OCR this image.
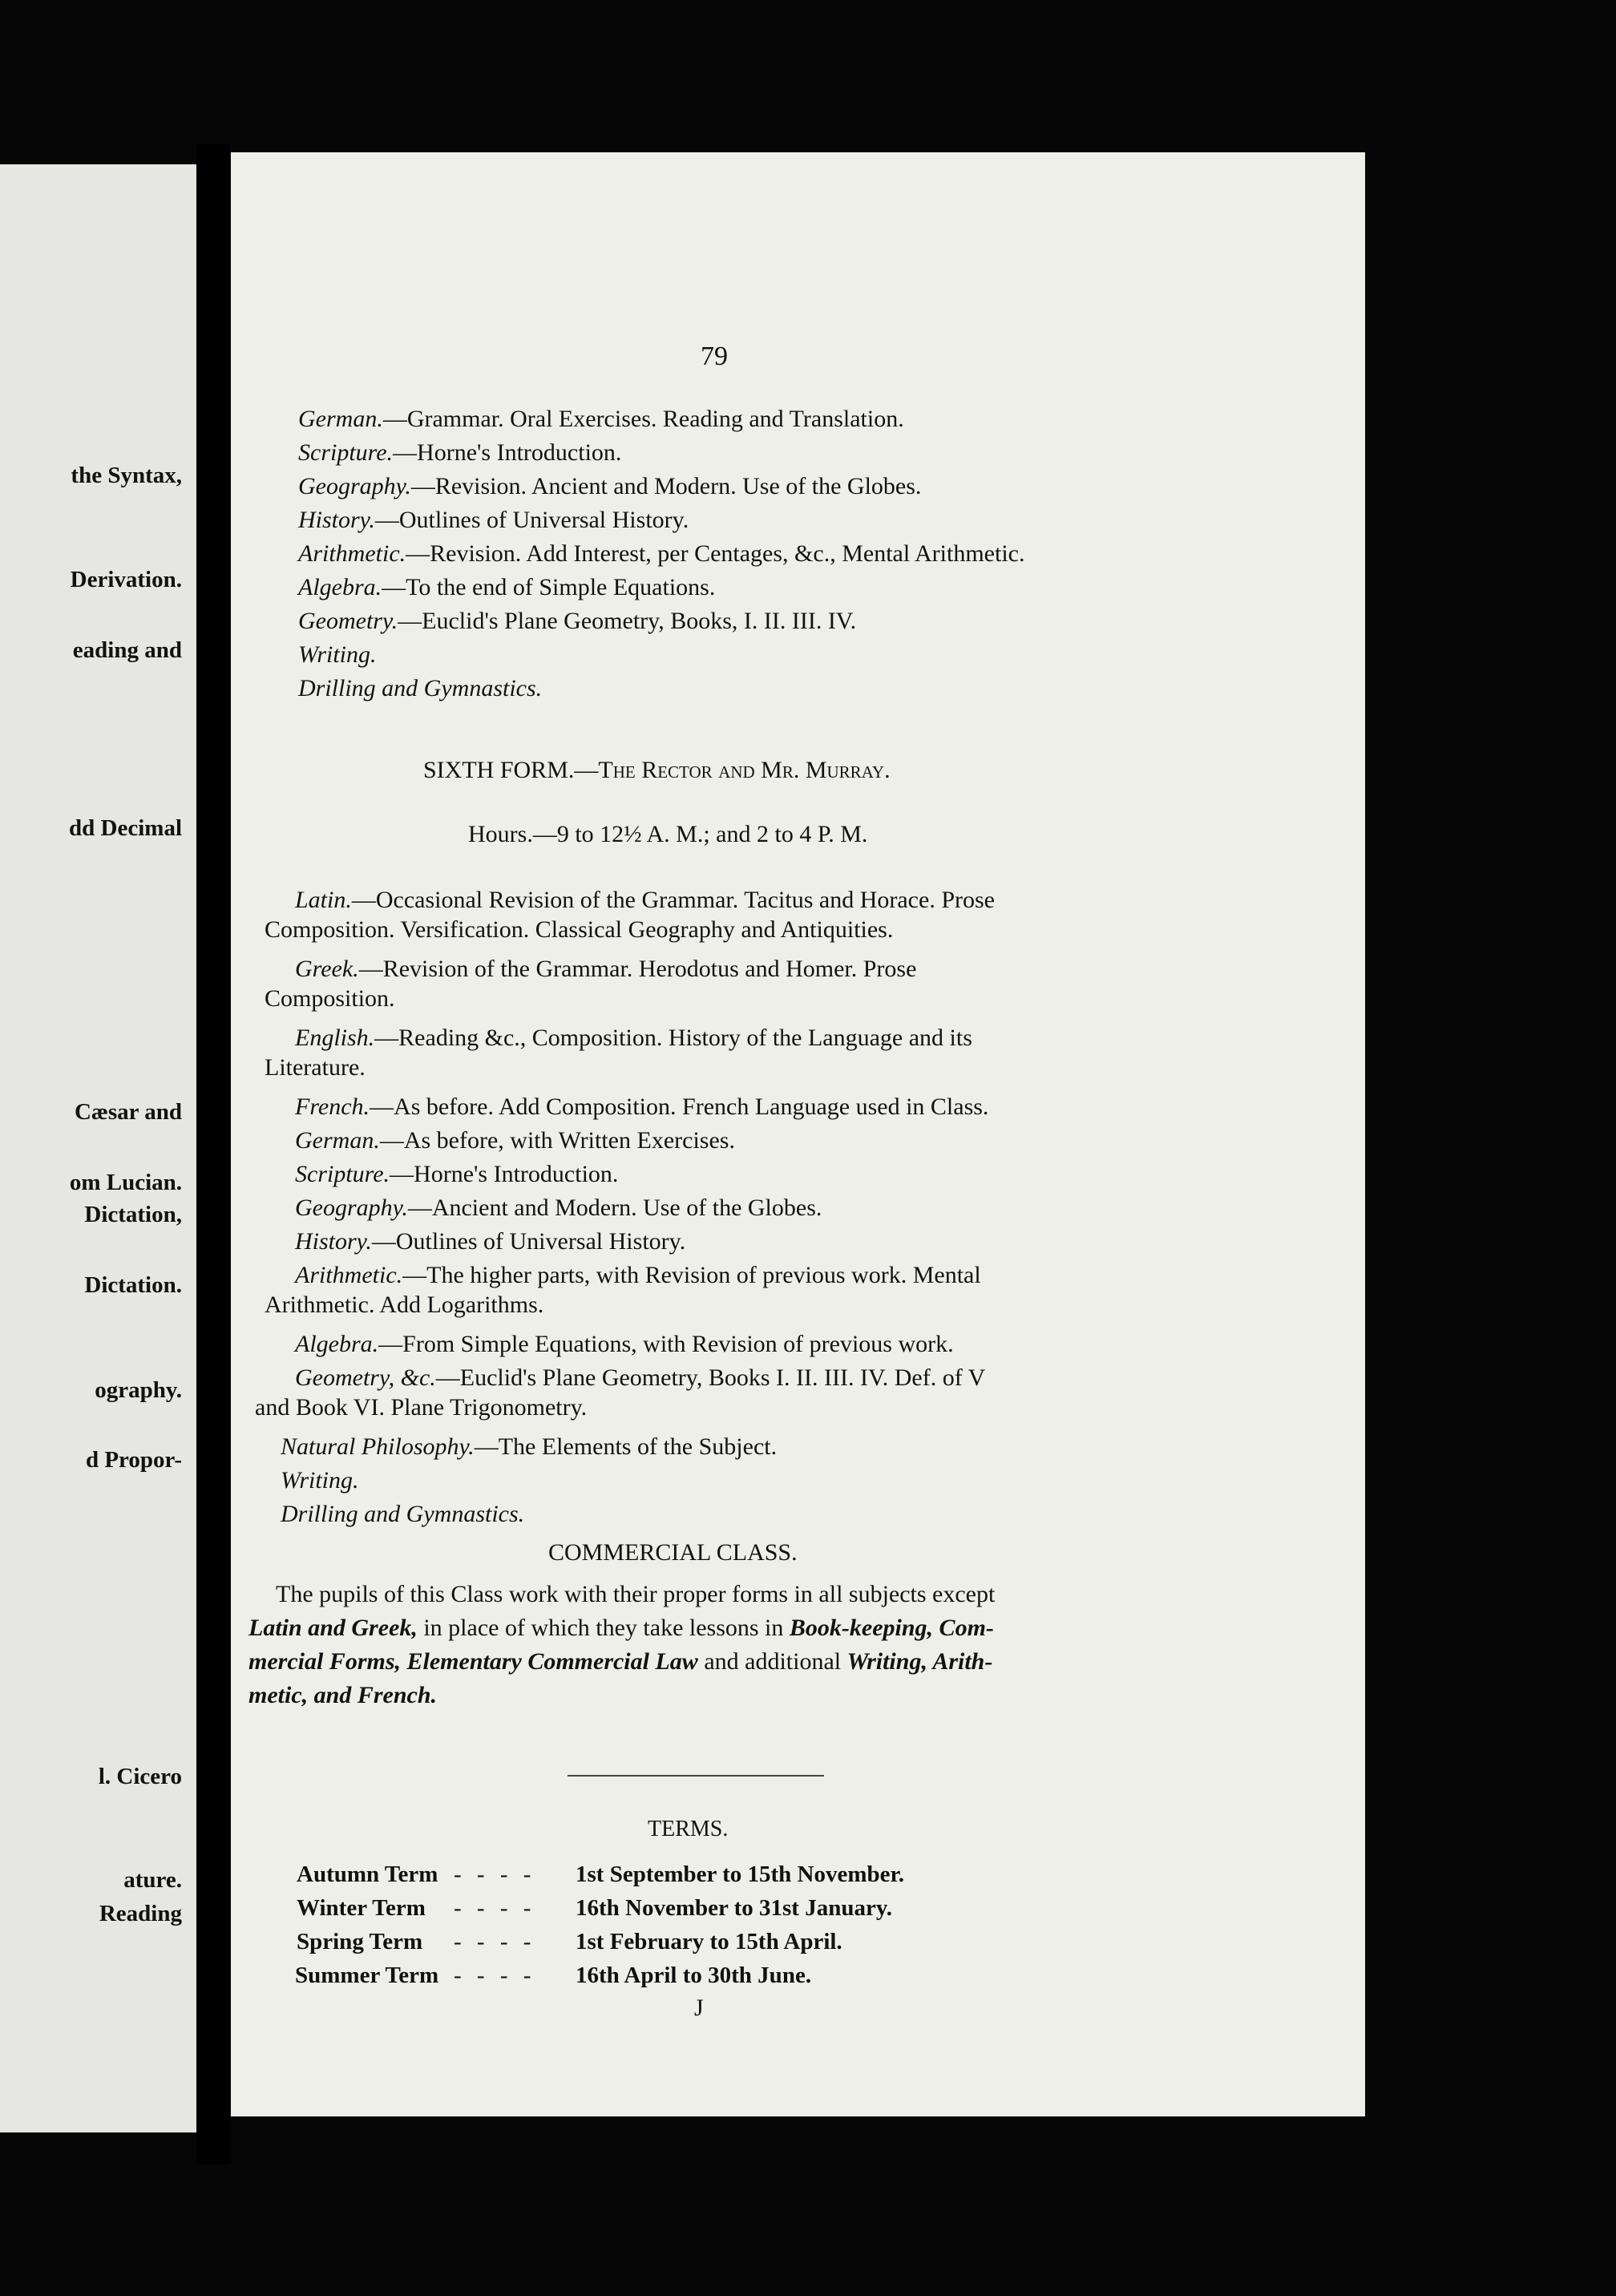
the Syntax,
Derivation.
eading and
dd Decimal
Cæsar and
om Lucian.
Dictation,
Dictation.
ography.
d Propor-
l. Cicero
ature.
Reading
79
German.—Grammar. Oral Exercises. Reading and Translation.
Scripture.—Horne's Introduction.
Geography.—Revision. Ancient and Modern. Use of the Globes.
History.—Outlines of Universal History.
Arithmetic.—Revision. Add Interest, per Centages, &c., Mental Arithmetic.
Algebra.—To the end of Simple Equations.
Geometry.—Euclid's Plane Geometry, Books, I. II. III. IV.
Writing.
Drilling and Gymnastics.
SIXTH FORM.—The Rector and Mr. Murray.
Hours.—9 to 12½ A. M.; and 2 to 4 P. M.
Latin.—Occasional Revision of the Grammar. Tacitus and Horace. Prose
Composition. Versification. Classical Geography and Antiquities.
Greek.—Revision of the Grammar. Herodotus and Homer. Prose
Composition.
English.—Reading &c., Composition. History of the Language and its
Literature.
French.—As before. Add Composition. French Language used in Class.
German.—As before, with Written Exercises.
Scripture.—Horne's Introduction.
Geography.—Ancient and Modern. Use of the Globes.
History.—Outlines of Universal History.
Arithmetic.—The higher parts, with Revision of previous work. Mental
Arithmetic. Add Logarithms.
Algebra.—From Simple Equations, with Revision of previous work.
Geometry, &c.—Euclid's Plane Geometry, Books I. II. III. IV. Def. of V
and Book VI. Plane Trigonometry.
Natural Philosophy.—The Elements of the Subject.
Writing.
Drilling and Gymnastics.
COMMERCIAL CLASS.
The pupils of this Class work with their proper forms in all subjects except
Latin and Greek, in place of which they take lessons in Book-keeping, Com-
mercial Forms, Elementary Commercial Law and additional Writing, Arith-
metic, and French.
TERMS.
Autumn Term - - - - 1st September to 15th November.
Winter Term - - - - 16th November to 31st January.
Spring Term - - - - 1st February to 15th April.
Summer Term - - - - 16th April to 30th June.
J
